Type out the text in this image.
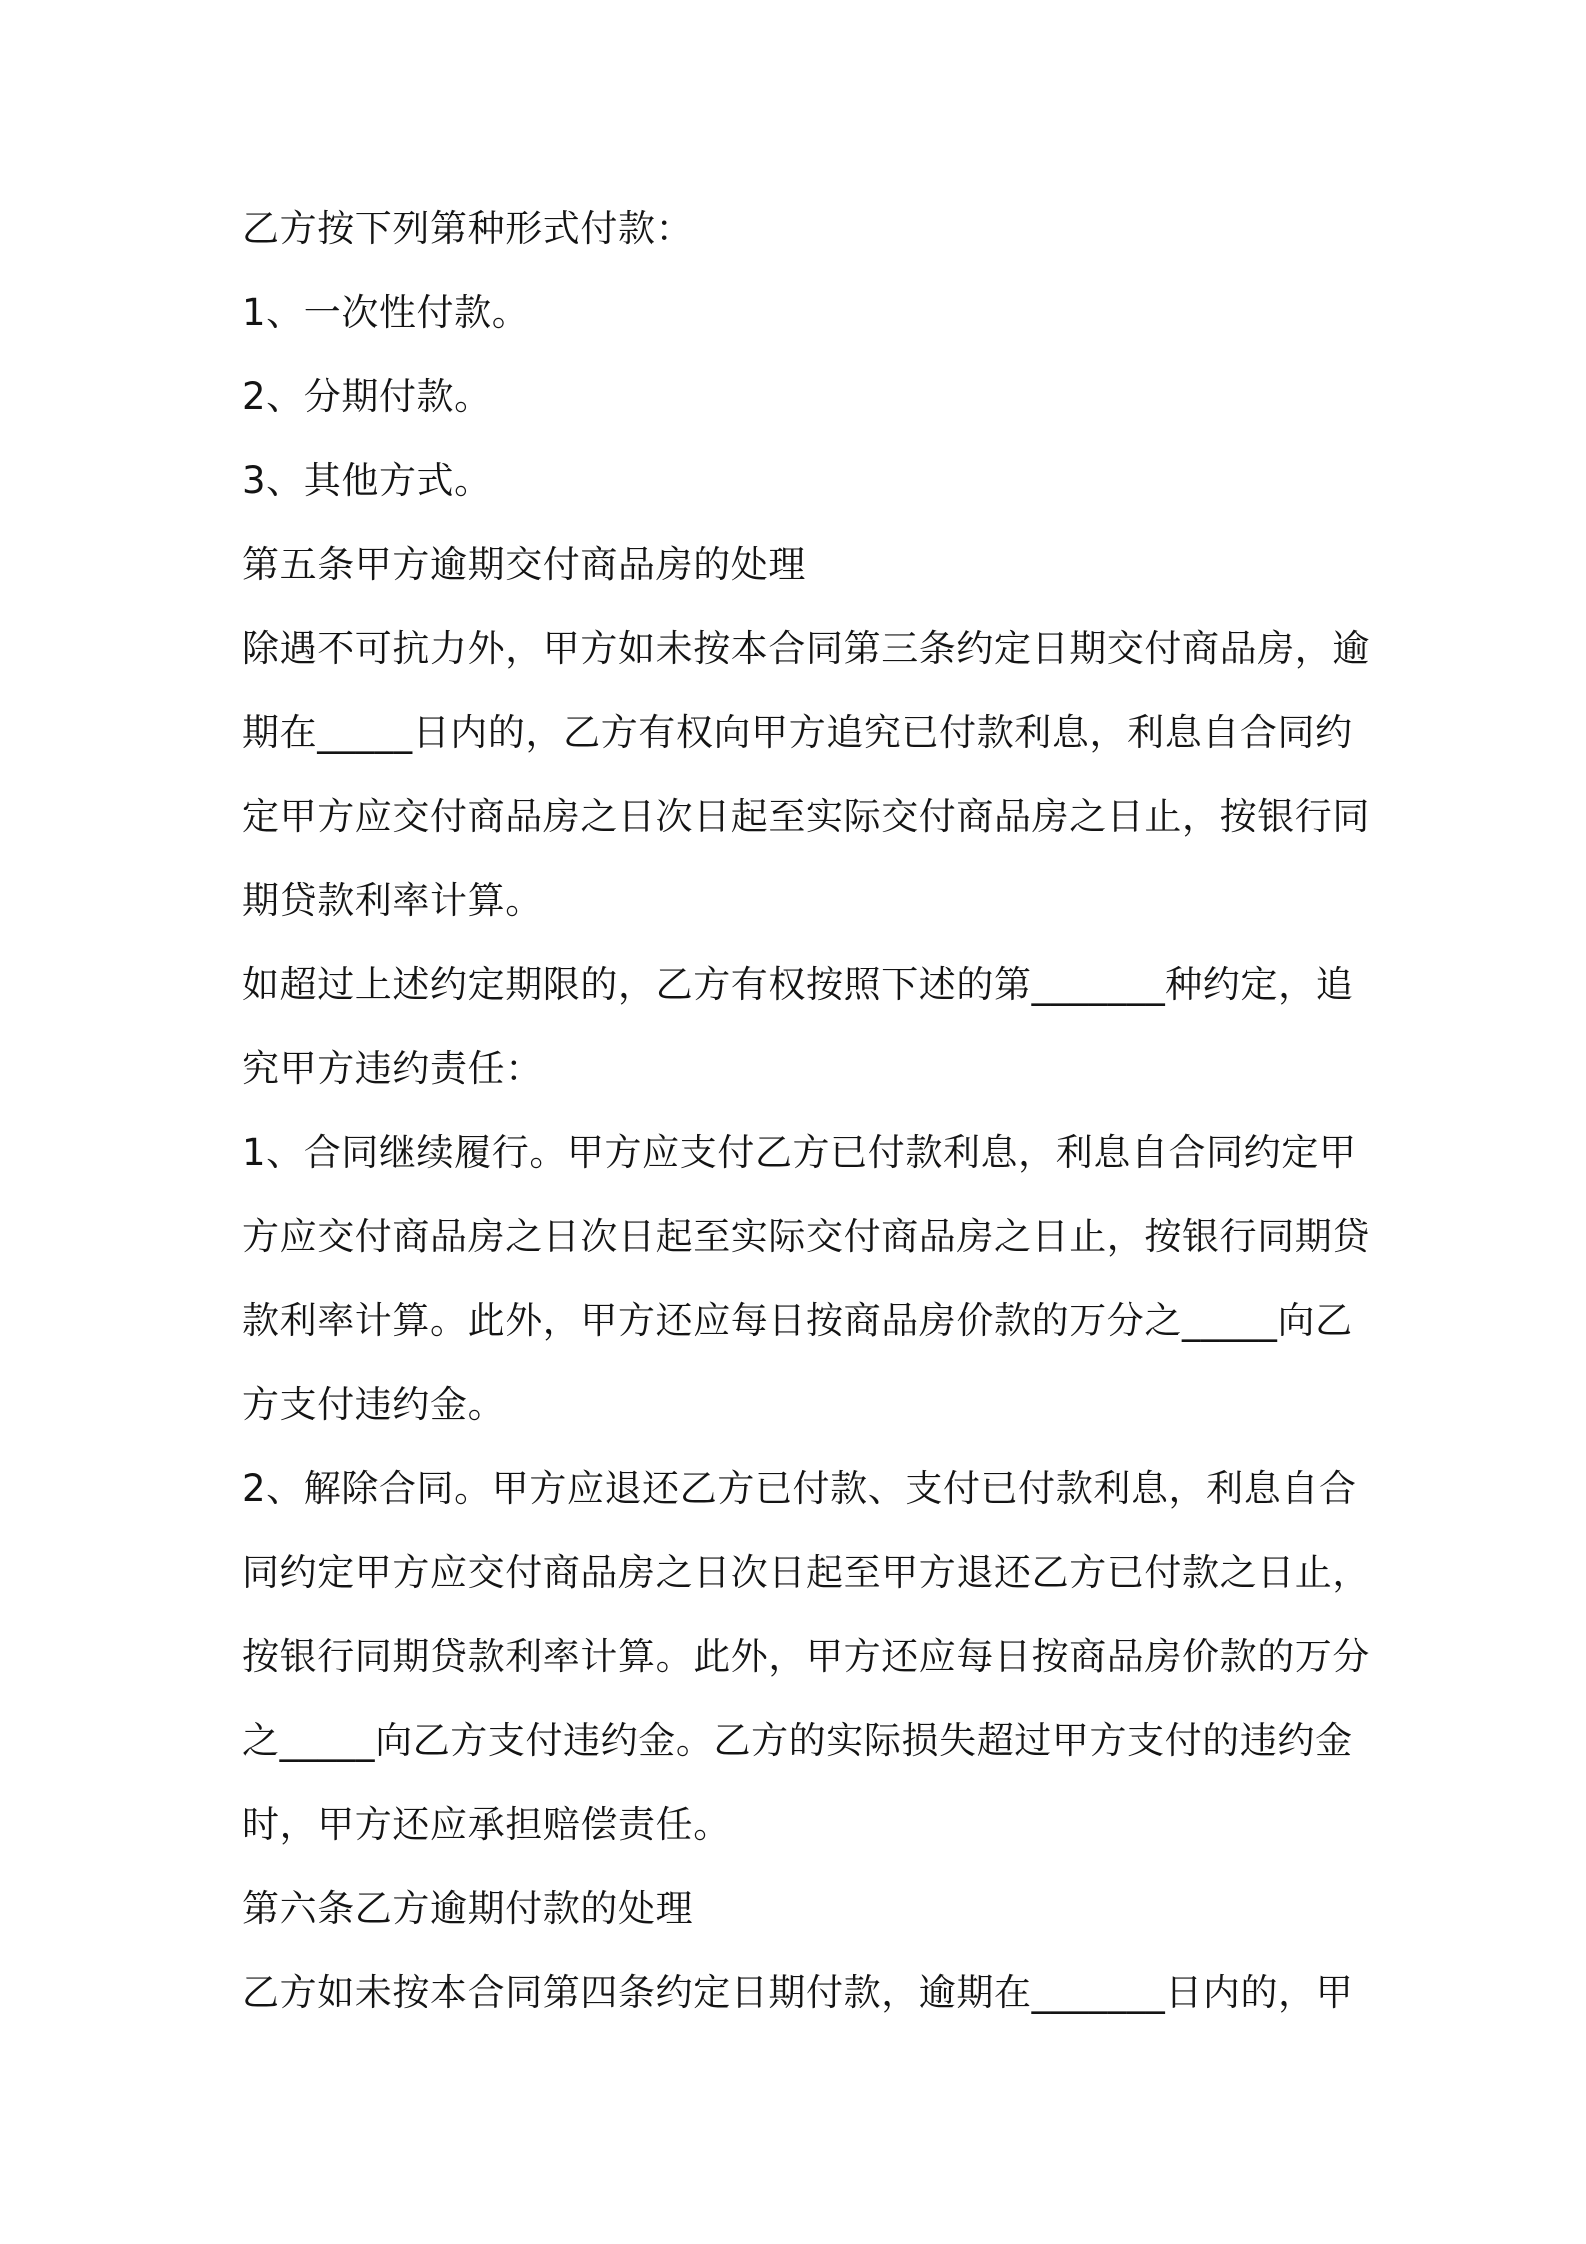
乙方按下列第种形式付款：

1、一次性付款。

2、分期付款。

3、其他方式。

第五条甲方逾期交付商品房的处理

除遇不可抗力外，甲方如未按本合同第三条约定日期交付商品房，逾

期在_____日内的，乙方有权向甲方追究已付款利息，利息自合同约

定甲方应交付商品房之日次日起至实际交付商品房之日止，按银行同

期贷款利率计算。

如超过上述约定期限的，乙方有权按照下述的第_______种约定，追

究甲方违约责任：

1、合同继续履行。甲方应支付乙方已付款利息，利息自合同约定甲

方应交付商品房之日次日起至实际交付商品房之日止，按银行同期贷

款利率计算。此外，甲方还应每日按商品房价款的万分之_____向乙

方支付违约金。

2、解除合同。甲方应退还乙方已付款、支付已付款利息，利息自合

同约定甲方应交付商品房之日次日起至甲方退还乙方已付款之日止，

按银行同期贷款利率计算。此外，甲方还应每日按商品房价款的万分

之_____向乙方支付违约金。乙方的实际损失超过甲方支付的违约金

时，甲方还应承担赔偿责任。

第六条乙方逾期付款的处理

乙方如未按本合同第四条约定日期付款，逾期在_______日内的，甲
